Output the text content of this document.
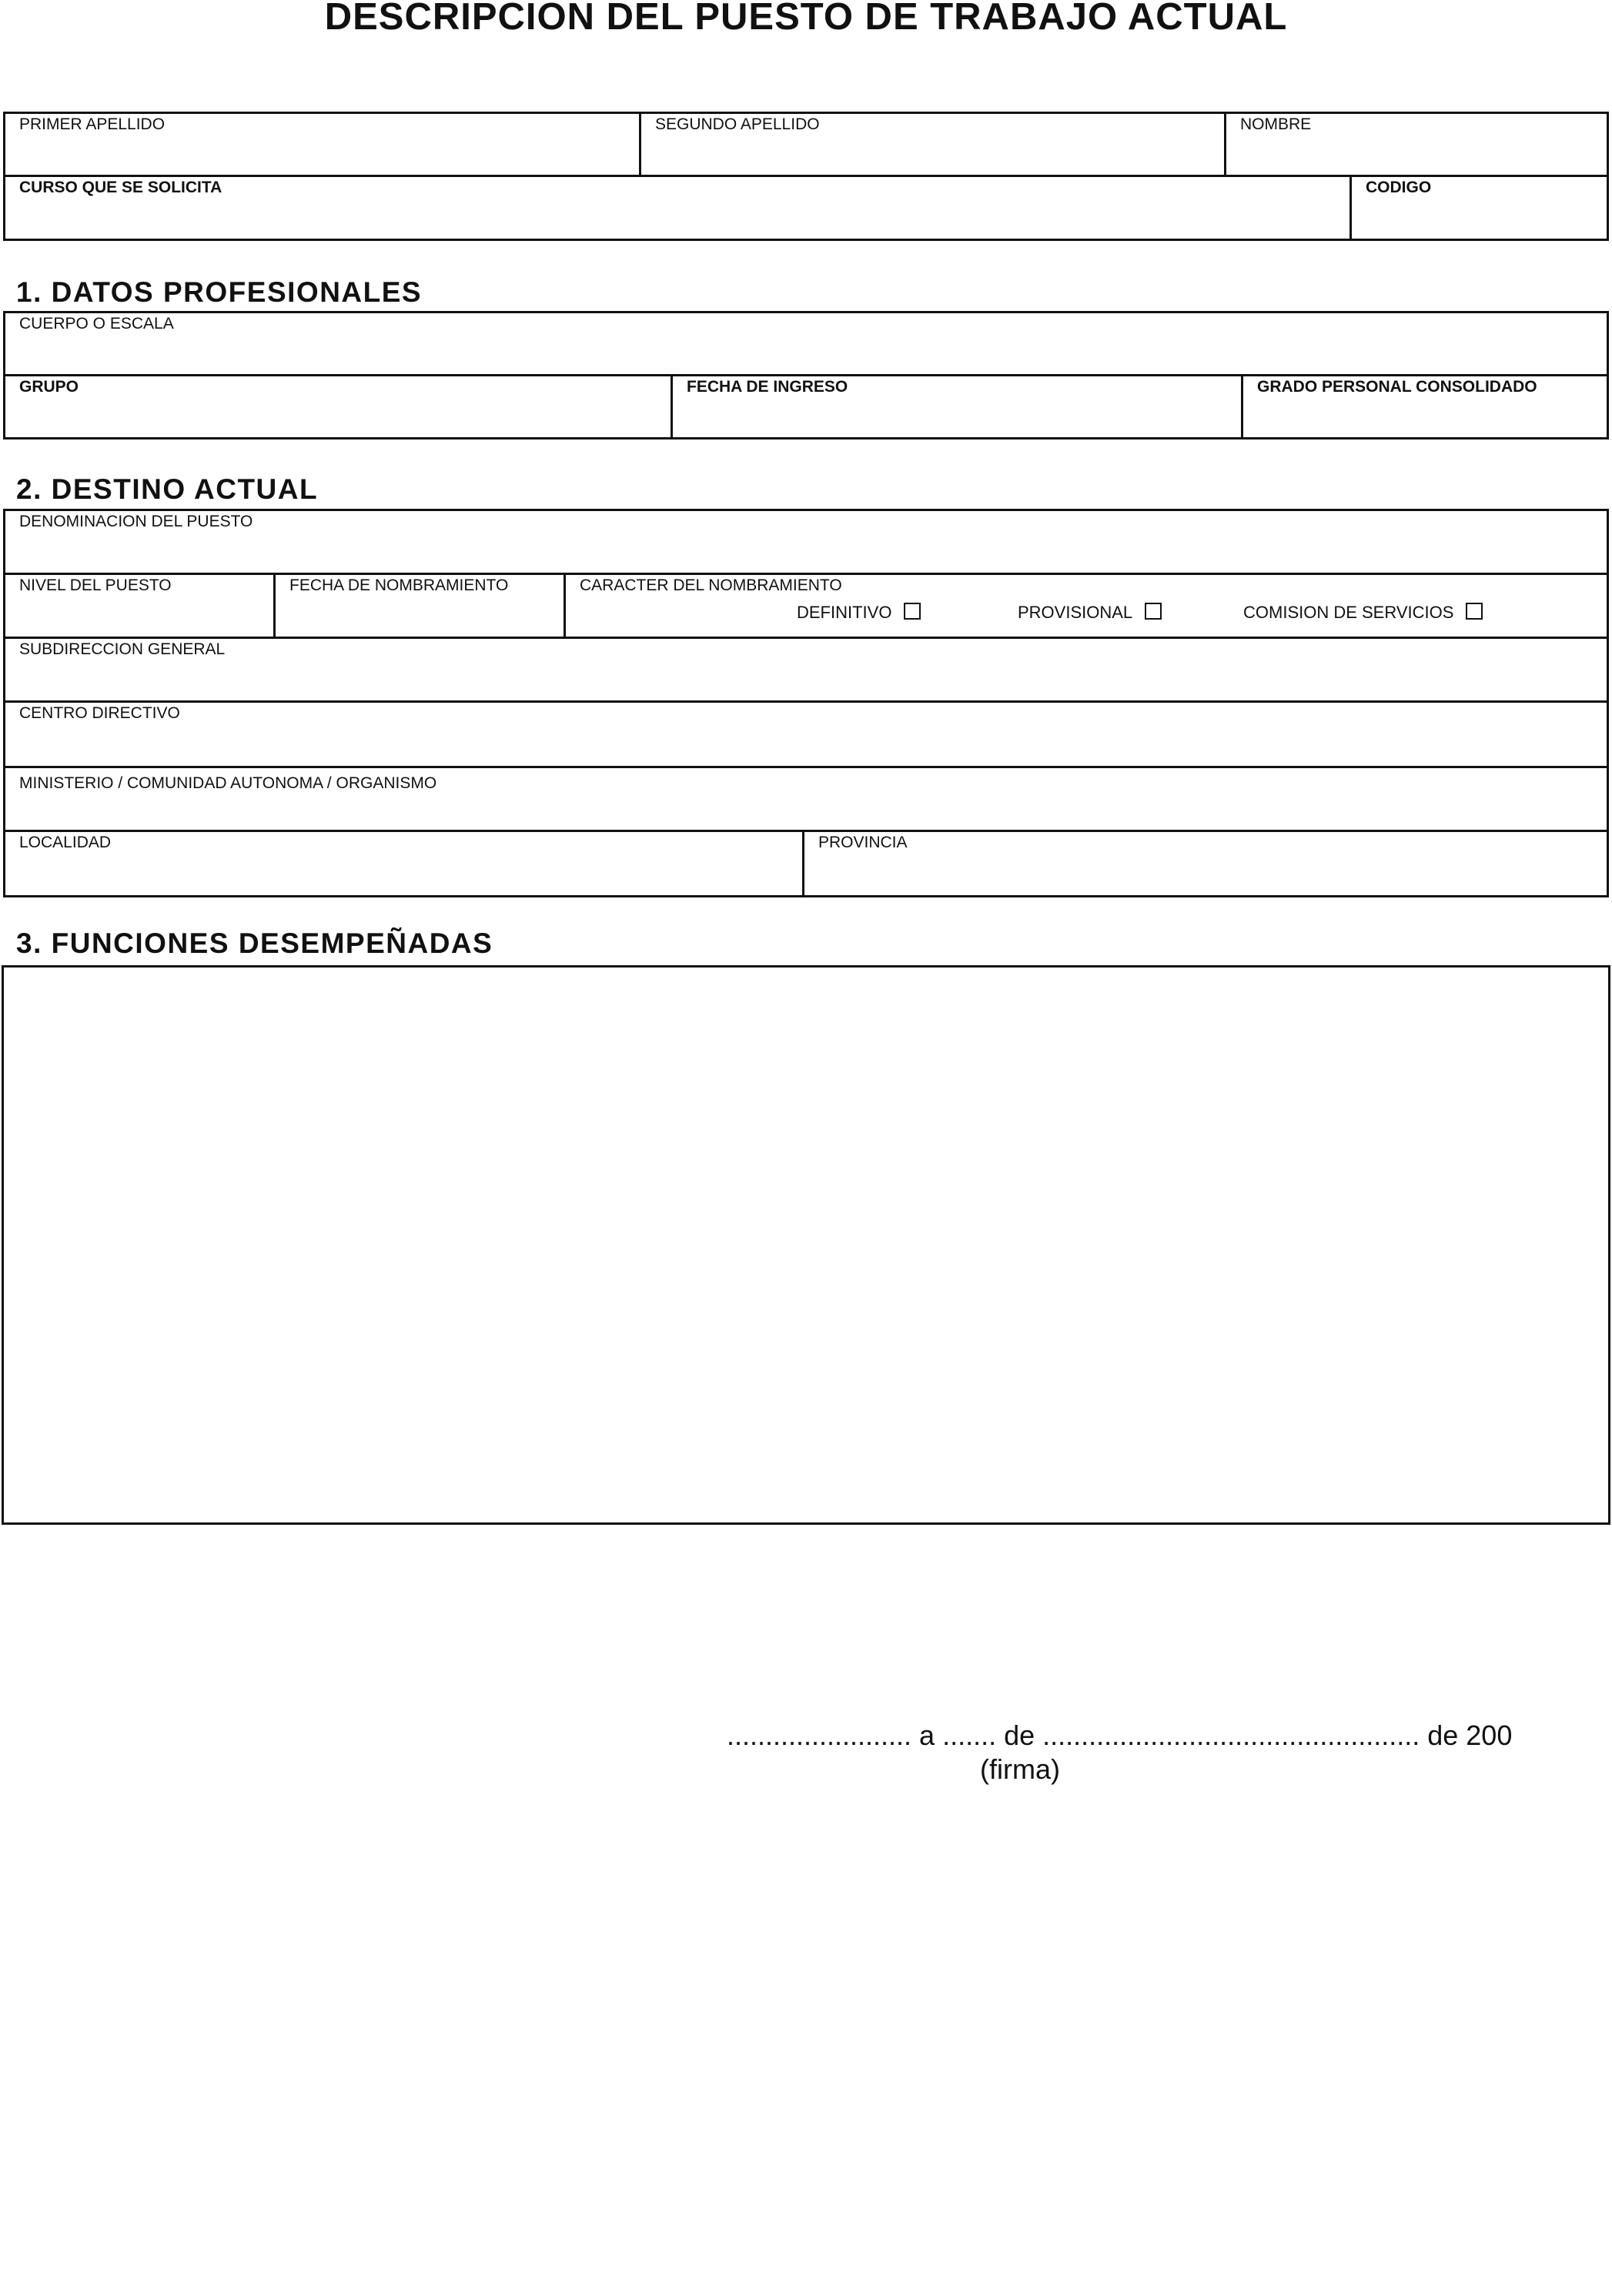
DESCRIPCION DEL PUESTO DE TRABAJO ACTUAL
PRIMER APELLIDO	SEGUNDO APELLIDO	NOMBRE
CURSO QUE SE SOLICITA	CODIGO
1. DATOS PROFESIONALES
CUERPO O ESCALA
GRUPO	FECHA DE INGRESO	GRADO PERSONAL CONSOLIDADO
2. DESTINO ACTUAL
DENOMINACION DEL PUESTO
NIVEL DEL PUESTO	FECHA DE NOMBRAMIENTO	CARACTER DEL NOMBRAMIENTO
DEFINITIVO	PROVISIONAL	COMISION DE SERVICIOS
SUBDIRECCION GENERAL
CENTRO DIRECTIVO
MINISTERIO / COMUNIDAD AUTONOMA / ORGANISMO
LOCALIDAD	PROVINCIA
3. FUNCIONES DESEMPEÑADAS
........................ a ....... de ................................................. de 200
(firma)
